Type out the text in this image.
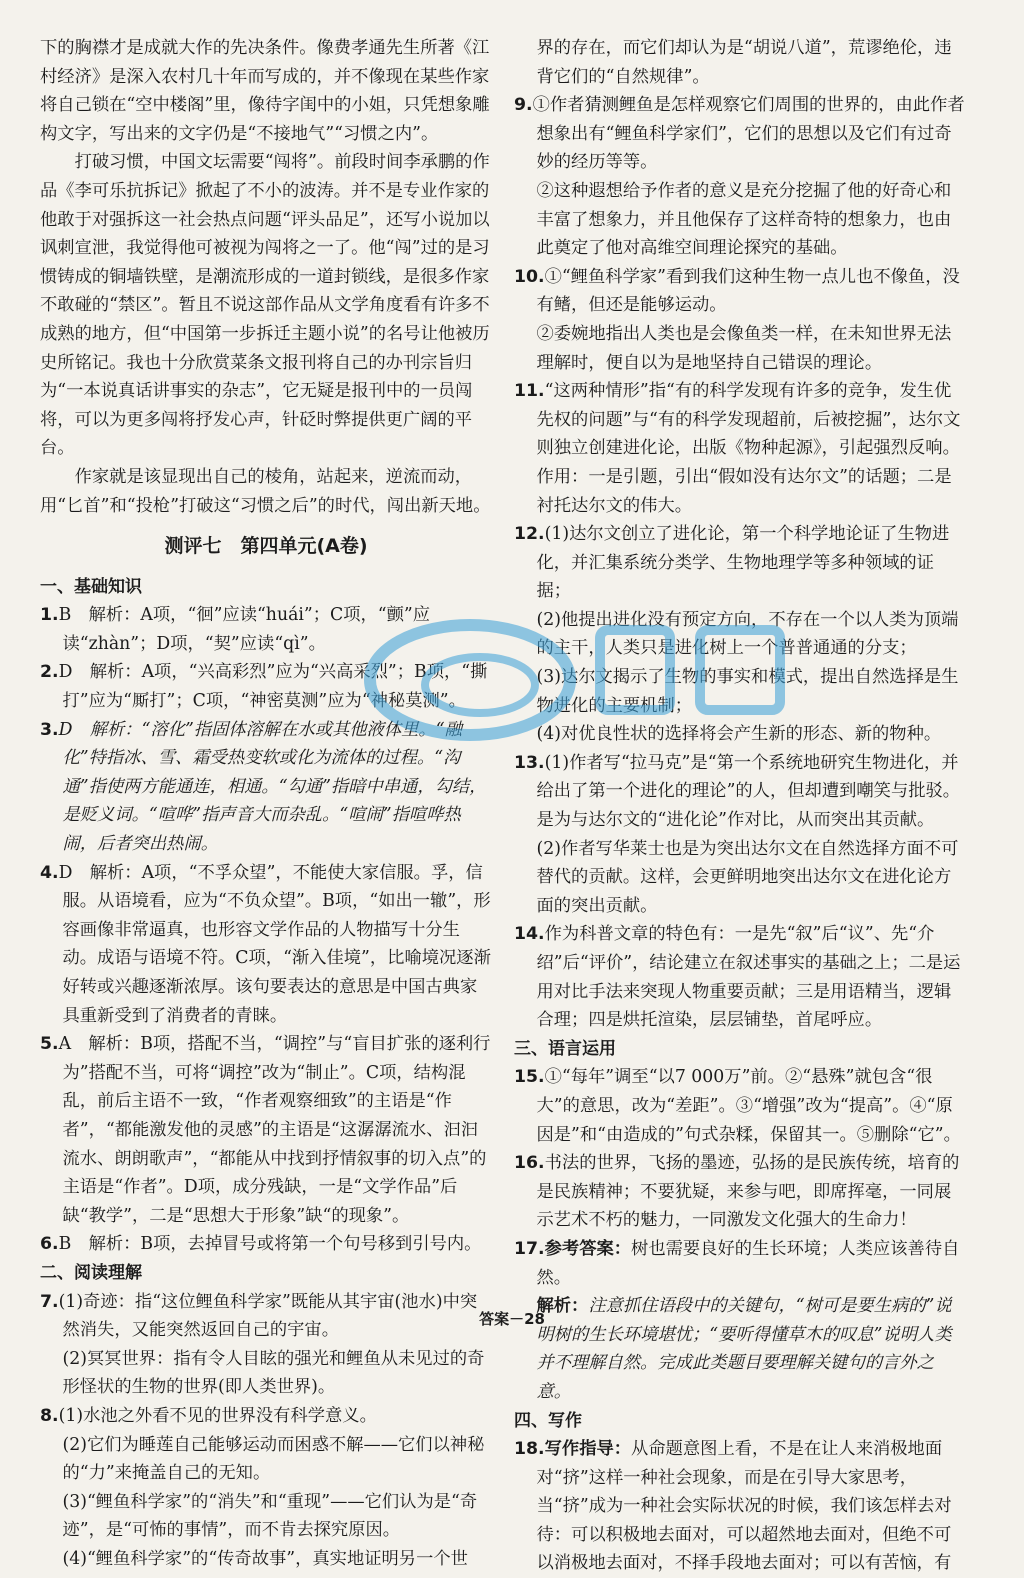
下的胸襟才是成就大作的先决条件。像费孝通先生所著《江村经济》是深入农村几十年而写成的，并不像现在某些作家将自己锁在“空中楼阁”里，像待字闺中的小姐，只凭想象雕构文字，写出来的文字仍是“不接地气”“习惯之内”。

打破习惯，中国文坛需要“闯将”。前段时间李承鹏的作品《李可乐抗拆记》掀起了不小的波涛。并不是专业作家的他敢于对强拆这一社会热点问题“评头品足”，还写小说加以讽刺宣泄，我觉得他可被视为闯将之一了。他“闯”过的是习惯铸成的铜墙铁壁，是潮流形成的一道封锁线，是很多作家不敢碰的“禁区”。暂且不说这部作品从文学角度看有许多不成熟的地方，但“中国第一步拆迁主题小说”的名号让他被历史所铭记。我也十分欣赏菜条文报刊将自己的办刊宗旨归为“一本说真话讲事实的杂志”，它无疑是报刊中的一员闯将，可以为更多闯将抒发心声，针砭时弊提供更广阔的平台。

作家就是该显现出自己的棱角，站起来，逆流而动，用“匕首”和“投枪”打破这“习惯之后”的时代，闯出新天地。

测评七　第四单元(A卷)
一、基础知识

1.B　解析：A项，“徊”应读“huái”；C项，“颤”应读“zhàn”；D项，“契”应读“qì”。

2.D　解析：A项，“兴高彩烈”应为“兴高采烈”；B项，“撕打”应为“厮打”；C项，“神密莫测”应为“神秘莫测”。

3.D　解析：“溶化”指固体溶解在水或其他液体里。“融化”特指冰、雪、霜受热变软或化为流体的过程。“沟通”指使两方能通连，相通。“勾通”指暗中串通，勾结，是贬义词。“喧哗”指声音大而杂乱。“喧闹”指喧哗热闹，后者突出热闹。

4.D　解析：A项，“不孚众望”，不能使大家信服。孚，信服。从语境看，应为“不负众望”。B项，“如出一辙”，形容画像非常逼真，也形容文学作品的人物描写十分生动。成语与语境不符。C项，“渐入佳境”，比喻境况逐渐好转或兴趣逐渐浓厚。该句要表达的意思是中国古典家具重新受到了消费者的青睐。

5.A　解析：B项，搭配不当，“调控”与“盲目扩张的逐利行为”搭配不当，可将“调控”改为“制止”。C项，结构混乱，前后主语不一致，“作者观察细致”的主语是“作者”，“都能激发他的灵感”的主语是“这潺潺流水、汩汩流水、朗朗歌声”，“都能从中找到抒情叙事的切入点”的主语是“作者”。D项，成分残缺，一是“文学作品”后缺“教学”，二是“思想大于形象”缺“的现象”。

6.B　解析：B项，去掉冒号或将第一个句号移到引号内。

二、阅读理解

7.(1)奇迹：指“这位鲤鱼科学家”既能从其宇宙(池水)中突然消失，又能突然返回自己的宇宙。

(2)冥冥世界：指有令人目眩的强光和鲤鱼从未见过的奇形怪状的生物的世界(即人类世界)。

8.(1)水池之外看不见的世界没有科学意义。

(2)它们为睡莲自己能够运动而困惑不解——它们以神秘的“力”来掩盖自己的无知。

(3)“鲤鱼科学家”的“消失”和“重现”——它们认为是“奇迹”，是“可怖的事情”，而不肯去探究原因。

(4)“鲤鱼科学家”的“传奇故事”，真实地证明另一个世

界的存在，而它们却认为是“胡说八道”，荒谬绝伦，违背它们的“自然规律”。

9.①作者猜测鲤鱼是怎样观察它们周围的世界的，由此作者想象出有“鲤鱼科学家们”，它们的思想以及它们有过奇妙的经历等等。

②这种遐想给予作者的意义是充分挖掘了他的好奇心和丰富了想象力，并且他保存了这样奇特的想象力，也由此奠定了他对高维空间理论探究的基础。

10.①“鲤鱼科学家”看到我们这种生物一点儿也不像鱼，没有鳍，但还是能够运动。

②委婉地指出人类也是会像鱼类一样，在未知世界无法理解时，便自以为是地坚持自己错误的理论。

11.“这两种情形”指“有的科学发现有许多的竞争，发生优先权的问题”与“有的科学发现超前，后被挖掘”，达尔文则独立创建进化论，出版《物种起源》，引起强烈反响。

作用：一是引题，引出“假如没有达尔文”的话题；二是衬托达尔文的伟大。

12.(1)达尔文创立了进化论，第一个科学地论证了生物进化，并汇集系统分类学、生物地理学等多种领域的证据；

(2)他提出进化没有预定方向，不存在一个以人类为顶端的主干，人类只是进化树上一个普普通通的分支；

(3)达尔文揭示了生物的事实和模式，提出自然选择是生物进化的主要机制；

(4)对优良性状的选择将会产生新的形态、新的物种。

13.(1)作者写“拉马克”是“第一个系统地研究生物进化，并给出了第一个进化的理论”的人，但却遭到嘲笑与批驳。是为与达尔文的“进化论”作对比，从而突出其贡献。

(2)作者写华莱士也是为突出达尔文在自然选择方面不可替代的贡献。这样，会更鲜明地突出达尔文在进化论方面的突出贡献。

14.作为科普文章的特色有：一是先“叙”后“议”、先“介绍”后“评价”，结论建立在叙述事实的基础之上；二是运用对比手法来突现人物重要贡献；三是用语精当，逻辑合理；四是烘托渲染，层层铺垫，首尾呼应。

三、语言运用

15.①“每年”调至“以7 000万”前。②“悬殊”就包含“很大”的意思，改为“差距”。③“增强”改为“提高”。④“原因是”和“由造成的”句式杂糅，保留其一。⑤删除“它”。

16.书法的世界，飞扬的墨迹，弘扬的是民族传统，培育的是民族精神；不要犹疑，来参与吧，即席挥毫，一同展示艺术不朽的魅力，一同激发文化强大的生命力！

17.参考答案：树也需要良好的生长环境；人类应该善待自然。

解析：注意抓住语段中的关键句，“树可是要生病的”说明树的生长环境堪忧；“要听得懂草木的叹息”说明人类并不理解自然。完成此类题目要理解关键句的言外之意。

四、写作

18.写作指导：从命题意图上看，不是在让人来消极地面对“挤”这样一种社会现象，而是在引导大家思考，当“挤”成为一种社会实际状况的时候，我们该怎样去对待：可以积极地去面对，可以超然地去面对，但绝不可以消极地去面对，不择手段地去面对；可以有苦恼，有

答案－28
